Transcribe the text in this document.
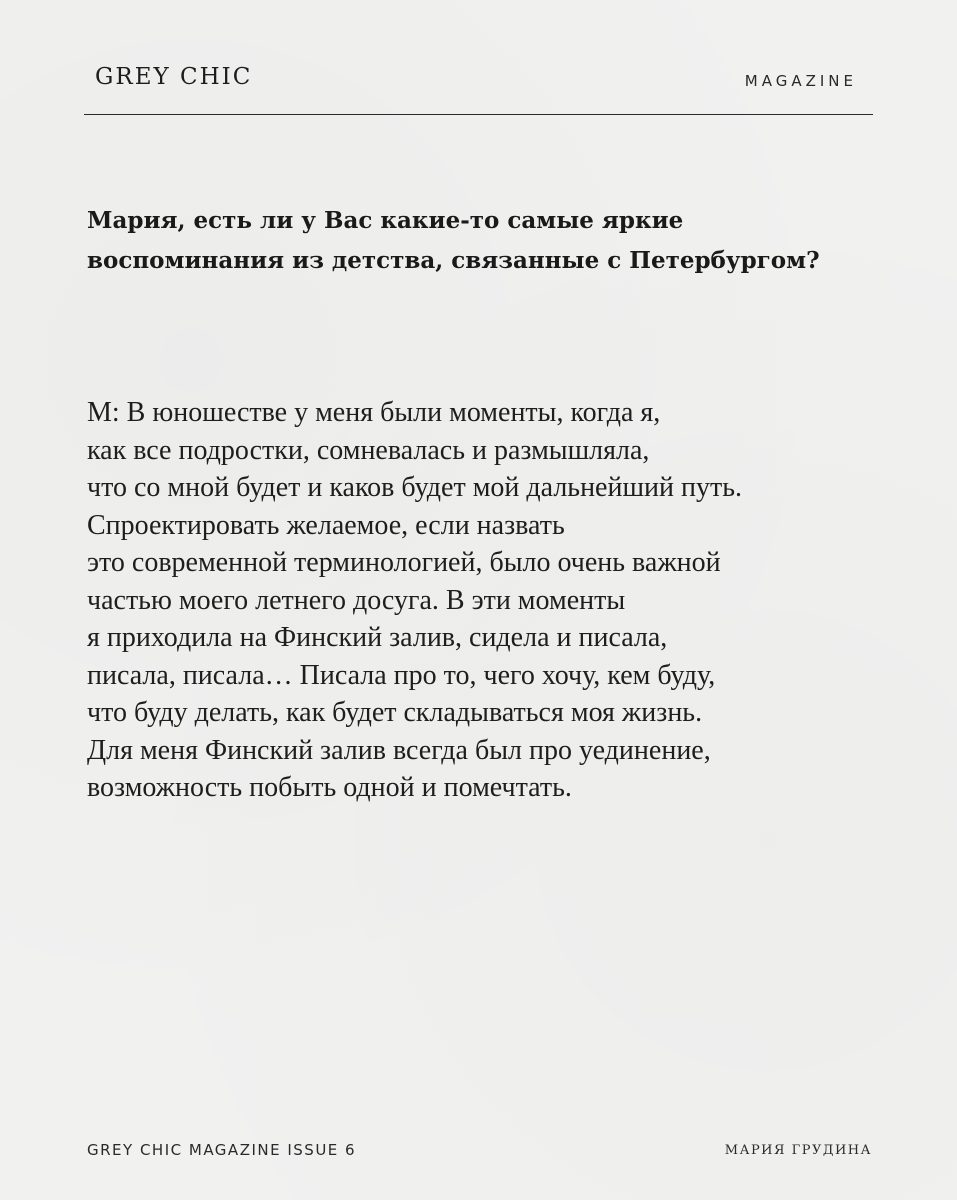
GREY CHIC	MAGAZINE
Мария, есть ли у Вас какие-то самые яркие
воспоминания из детства, связанные с Петербургом?

М: В юношестве у меня были моменты, когда я,
как все подростки, сомневалась и размышляла,
что со мной будет и каков будет мой дальнейший путь.
Спроектировать желаемое, если назвать
это современной терминологией, было очень важной
частью моего летнего досуга. В эти моменты
я приходила на Финский залив, сидела и писала,
писала, писала… Писала про то, чего хочу, кем буду,
что буду делать, как будет складываться моя жизнь.
Для меня Финский залив всегда был про уединение,
возможность побыть одной и помечтать.

GREY CHIC MAGAZINE ISSUE 6	МАРИЯ ГРУДИНА
